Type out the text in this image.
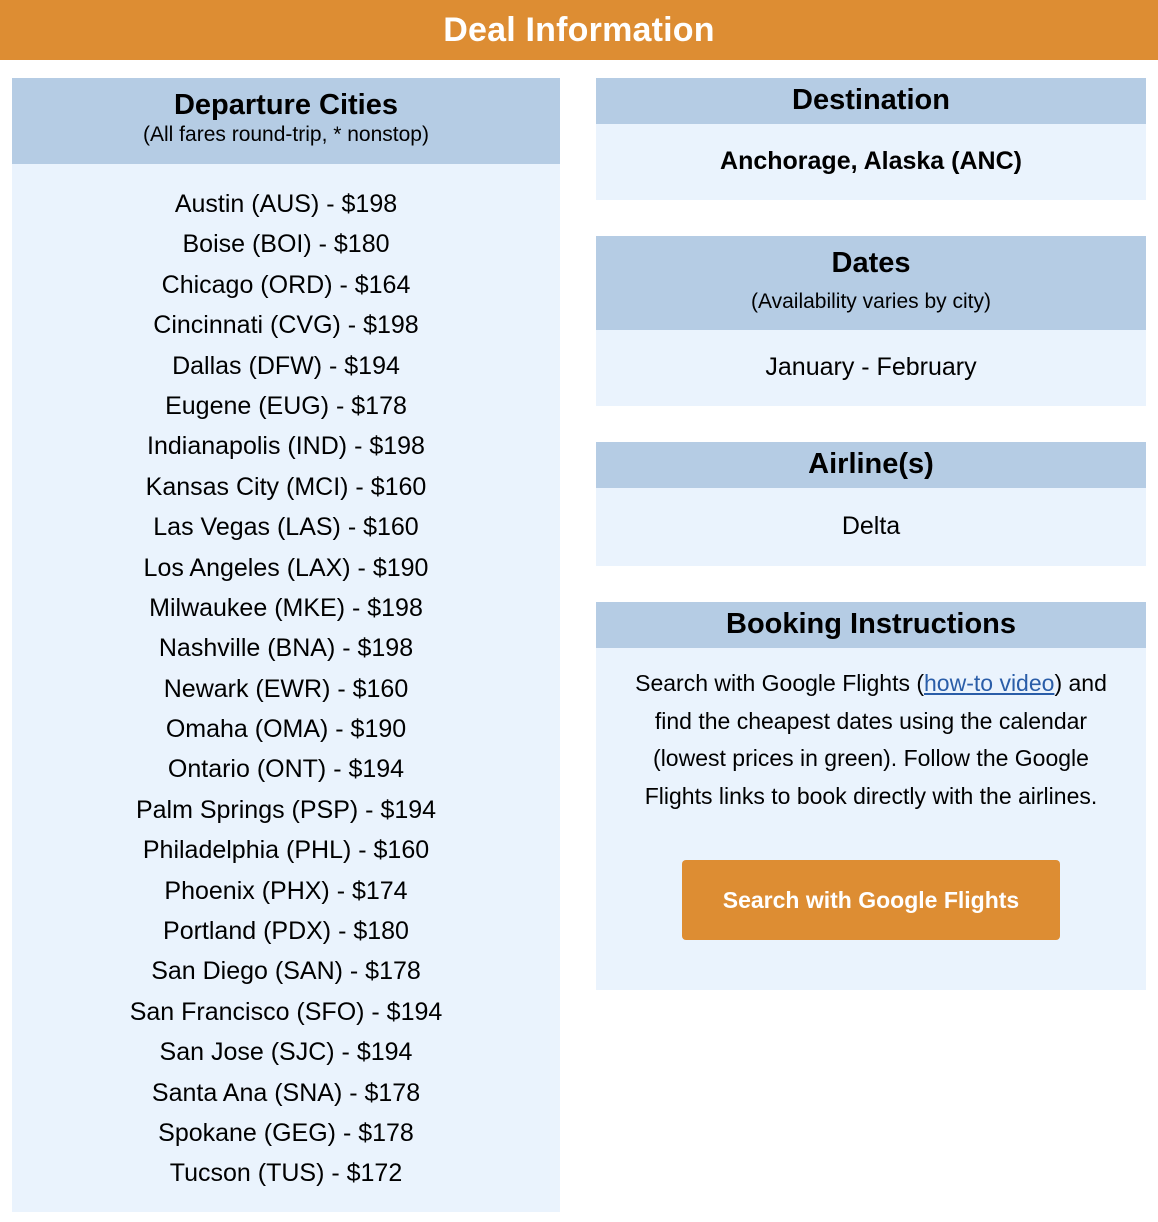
Deal Information
Departure Cities
(All fares round-trip, * nonstop)
Austin (AUS) - $198
Boise (BOI) - $180
Chicago (ORD) - $164
Cincinnati (CVG) - $198
Dallas (DFW) - $194
Eugene (EUG) - $178
Indianapolis (IND) - $198
Kansas City (MCI) - $160
Las Vegas (LAS) - $160
Los Angeles (LAX) - $190
Milwaukee (MKE) - $198
Nashville (BNA) - $198
Newark (EWR) - $160
Omaha (OMA) - $190
Ontario (ONT) - $194
Palm Springs (PSP) - $194
Philadelphia (PHL) - $160
Phoenix (PHX) - $174
Portland (PDX) - $180
San Diego (SAN) - $178
San Francisco (SFO) - $194
San Jose (SJC) - $194
Santa Ana (SNA) - $178
Spokane (GEG) - $178
Tucson (TUS) - $172
Destination
Anchorage, Alaska (ANC)
Dates
(Availability varies by city)
January - February
Airline(s)
Delta
Booking Instructions

Search with Google Flights (how-to video) and find the cheapest dates using the calendar (lowest prices in green). Follow the Google Flights links to book directly with the airlines.

Search with Google Flights
